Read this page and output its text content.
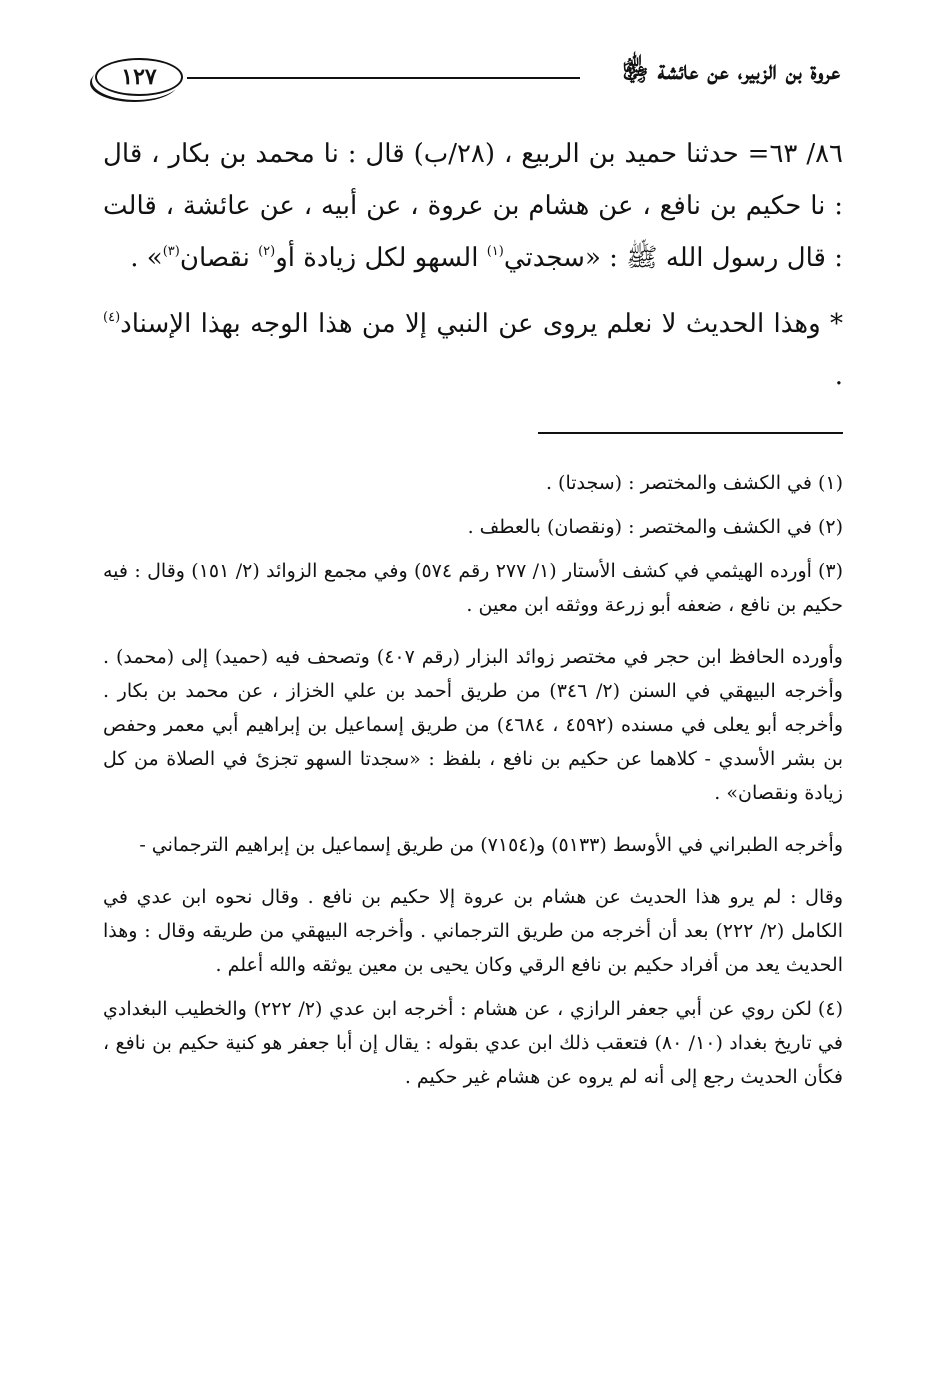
عروة بن الزبير، عن عائشة ﵂
١٢٧

٨٦/ ٦٣= حدثنا حميد بن الربيع ، (٢٨/ب) قال : نا محمد بن بكار ، قال : نا حكيم بن نافع ، عن هشام بن عروة ، عن أبيه ، عن عائشة ، قالت : قال رسول الله ﷺ : «سجدتي$^{(١)}$ السهو لكل زيادة أو$^{(٢)}$ نقصان$^{(٣)}$» .

* وهذا الحديث لا نعلم يروى عن النبي إلا من هذا الوجه بهذا الإسناد$^{(٤)}$ .

(١)في الكشف والمختصر : (سجدتا) .

(٢)في الكشف والمختصر : (ونقصان) بالعطف .

(٣)أورده الهيثمي في كشف الأستار (١/ ٢٧٧ رقم ٥٧٤) وفي مجمع الزوائد (٢/ ١٥١) وقال : فيه حكيم بن نافع ، ضعفه أبو زرعة ووثقه ابن معين .

وأورده الحافظ ابن حجر في مختصر زوائد البزار (رقم ٤٠٧) وتصحف فيه (حميد) إلى (محمد) . وأخرجه البيهقي في السنن (٢/ ٣٤٦) من طريق أحمد بن علي الخزاز ، عن محمد بن بكار . وأخرجه أبو يعلى في مسنده (٤٥٩٢ ، ٤٦٨٤) من طريق إسماعيل بن إبراهيم أبي معمر وحفص بن بشر الأسدي - كلاهما عن حكيم بن نافع ، بلفظ : «سجدتا السهو تجزئ في الصلاة من كل زيادة ونقصان» .

وأخرجه الطبراني في الأوسط (٥١٣٣) و(٧١٥٤) من طريق إسماعيل بن إبراهيم الترجماني -

وقال : لم يرو هذا الحديث عن هشام بن عروة إلا حكيم بن نافع . وقال نحوه ابن عدي في الكامل (٢/ ٢٢٢) بعد أن أخرجه من طريق الترجماني . وأخرجه البيهقي من طريقه وقال : وهذا الحديث يعد من أفراد حكيم بن نافع الرقي وكان يحيى بن معين يوثقه والله أعلم .

(٤)لكن روي عن أبي جعفر الرازي ، عن هشام : أخرجه ابن عدي (٢/ ٢٢٢) والخطيب البغدادي في تاريخ بغداد (١٠/ ٨٠) فتعقب ذلك ابن عدي بقوله : يقال إن أبا جعفر هو كنية حكيم بن نافع ، فكأن الحديث رجع إلى أنه لم يروه عن هشام غير حكيم .
